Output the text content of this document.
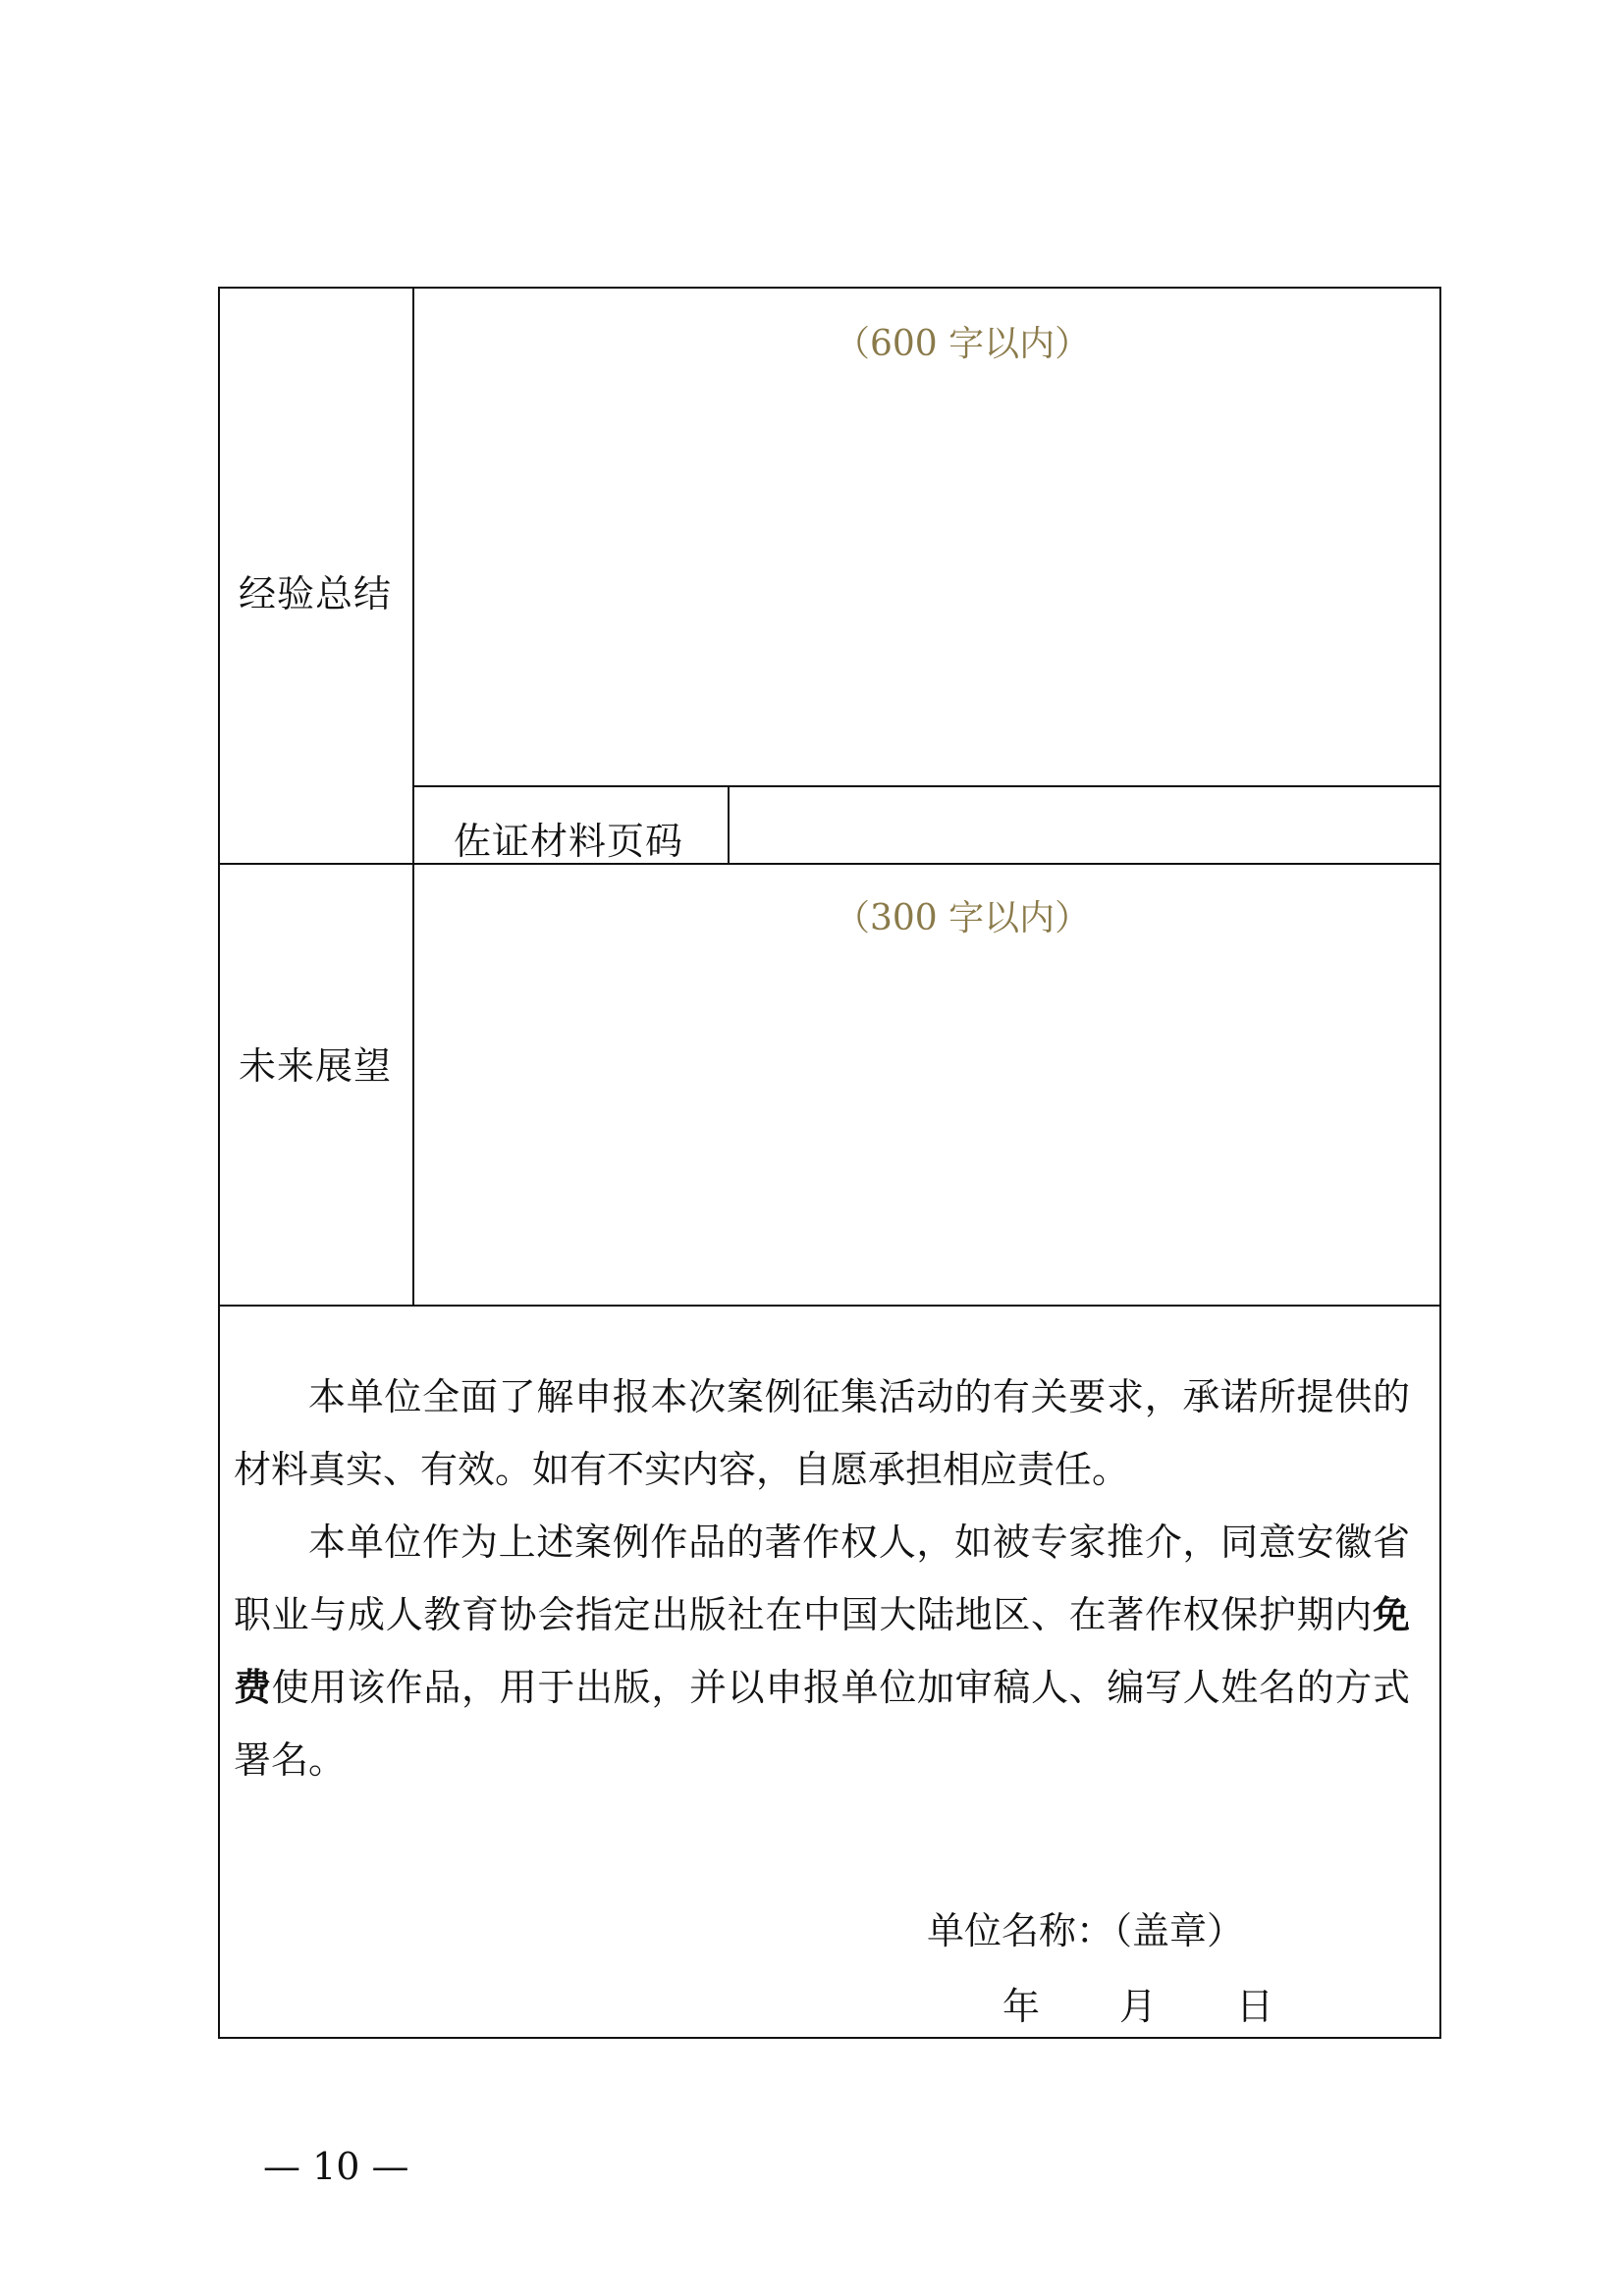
经验总结
（600 字以内）
佐证材料页码
未来展望
（300 字以内）

本单位全面了解申报本次案例征集活动的有关要求，承诺所提供的材料真实、有效。如有不实内容，自愿承担相应责任。

本单位作为上述案例作品的著作权人，如被专家推介，同意安徽省职业与成人教育协会指定出版社在中国大陆地区、在著作权保护期内免费使用该作品，用于出版，并以申报单位加审稿人、编写人姓名的方式署名。

单位名称：（盖章）
年 月 日
— 10 —
